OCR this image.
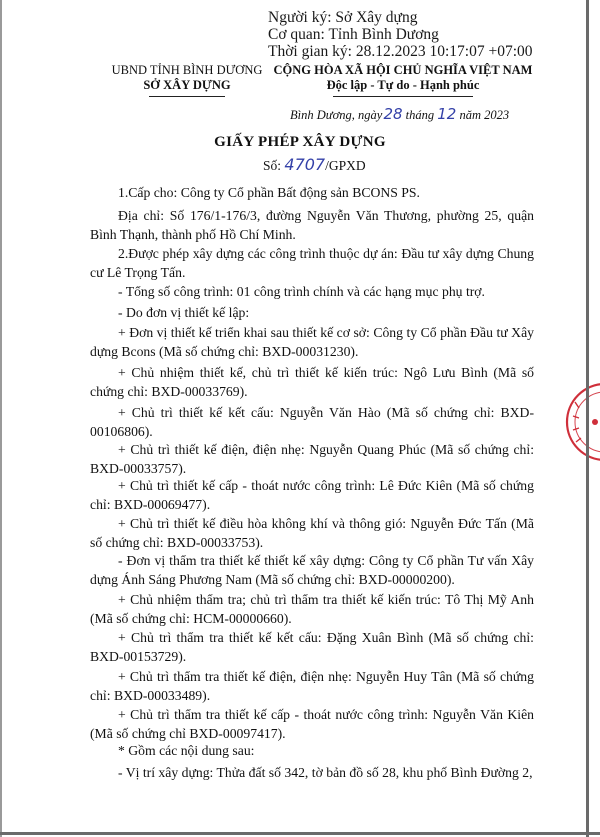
Người ký: Sở Xây dựng
Cơ quan: Tỉnh Bình Dương
Thời gian ký: 28.12.2023 10:17:07 +07:00
UBND TỈNH BÌNH DƯƠNG
SỞ XÂY DỰNG
CỘNG HÒA XÃ HỘI CHỦ NGHĨA VIỆT NAM
Độc lập - Tự do - Hạnh phúc
Bình Dương, ngày 28 tháng 12 năm 2023
GIẤY PHÉP XÂY DỰNG
Số: 4707/GPXD
1.Cấp cho: Công ty Cổ phần Bất động sản BCONS PS.
Địa chỉ: Số 176/1-176/3, đường Nguyễn Văn Thương, phường 25, quận Bình Thạnh, thành phố Hồ Chí Minh.
2.Được phép xây dựng các công trình thuộc dự án: Đầu tư xây dựng Chung cư Lê Trọng Tấn.
- Tổng số công trình: 01 công trình chính và các hạng mục phụ trợ.
- Do đơn vị thiết kế lập:
+ Đơn vị thiết kế triển khai sau thiết kế cơ sở: Công ty Cổ phần Đầu tư Xây dựng Bcons (Mã số chứng chỉ: BXD-00031230).
+ Chủ nhiệm thiết kế, chủ trì thiết kế kiến trúc: Ngô Lưu Bình (Mã số chứng chỉ: BXD-00033769).
+ Chủ trì thiết kế kết cấu: Nguyễn Văn Hào (Mã số chứng chỉ: BXD-00106806).
+ Chủ trì thiết kế điện, điện nhẹ: Nguyễn Quang Phúc (Mã số chứng chỉ: BXD-00033757).
+ Chủ trì thiết kế cấp - thoát nước công trình: Lê Đức Kiên (Mã số chứng chỉ: BXD-00069477).
+ Chủ trì thiết kế điều hòa không khí và thông gió: Nguyễn Đức Tấn (Mã số chứng chỉ: BXD-00033753).
- Đơn vị thẩm tra thiết kế thiết kế xây dựng: Công ty Cổ phần Tư vấn Xây dựng Ánh Sáng Phương Nam (Mã số chứng chỉ: BXD-00000200).
+ Chủ nhiệm thẩm tra; chủ trì thẩm tra thiết kế kiến trúc: Tô Thị Mỹ Anh (Mã số chứng chỉ: HCM-00000660).
+ Chủ trì thẩm tra thiết kế kết cấu: Đặng Xuân Bình (Mã số chứng chỉ: BXD-00153729).
+ Chủ trì thẩm tra thiết kế điện, điện nhẹ: Nguyễn Huy Tân (Mã số chứng chỉ: BXD-00033489).
+ Chủ trì thẩm tra thiết kế cấp - thoát nước công trình: Nguyễn Văn Kiên (Mã số chứng chỉ BXD-00097417).
* Gồm các nội dung sau:
- Vị trí xây dựng: Thửa đất số 342, tờ bản đồ số 28, khu phố Bình Đường 2,
